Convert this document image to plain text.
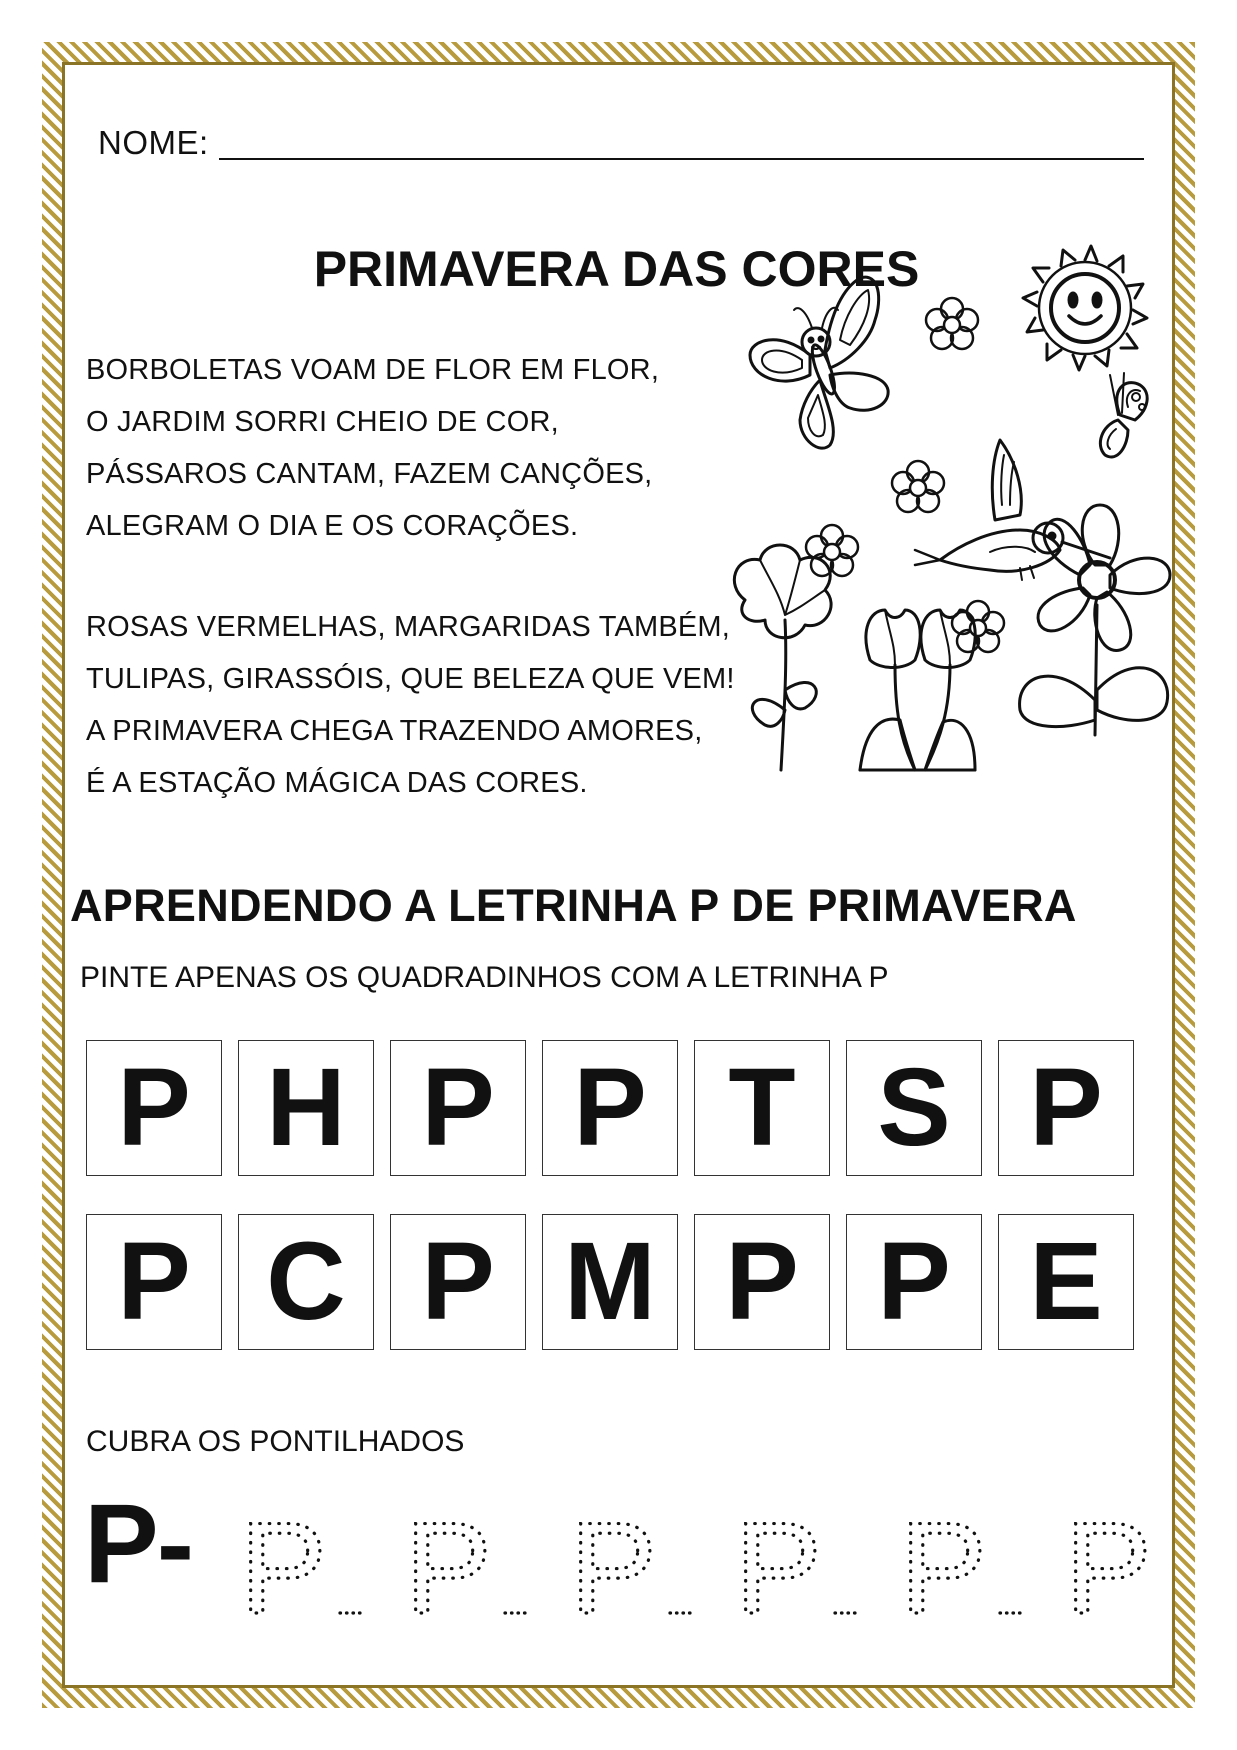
NOME:
PRIMAVERA DAS CORES
BORBOLETAS VOAM DE FLOR EM FLOR,
O JARDIM SORRI CHEIO DE COR,
PÁSSAROS CANTAM, FAZEM CANÇÕES,
ALEGRAM O DIA E OS CORAÇÕES.
ROSAS VERMELHAS, MARGARIDAS TAMBÉM,
TULIPAS, GIRASSÓIS, QUE BELEZA QUE VEM!
A PRIMAVERA CHEGA TRAZENDO AMORES,
É A ESTAÇÃO MÁGICA DAS CORES.
APRENDENDO A LETRINHA P DE PRIMAVERA
PINTE APENAS OS QUADRADINHOS COM A LETRINHA P
P H P P T S P
P C P M P P E
CUBRA OS PONTILHADOS
P- P P P P P P
